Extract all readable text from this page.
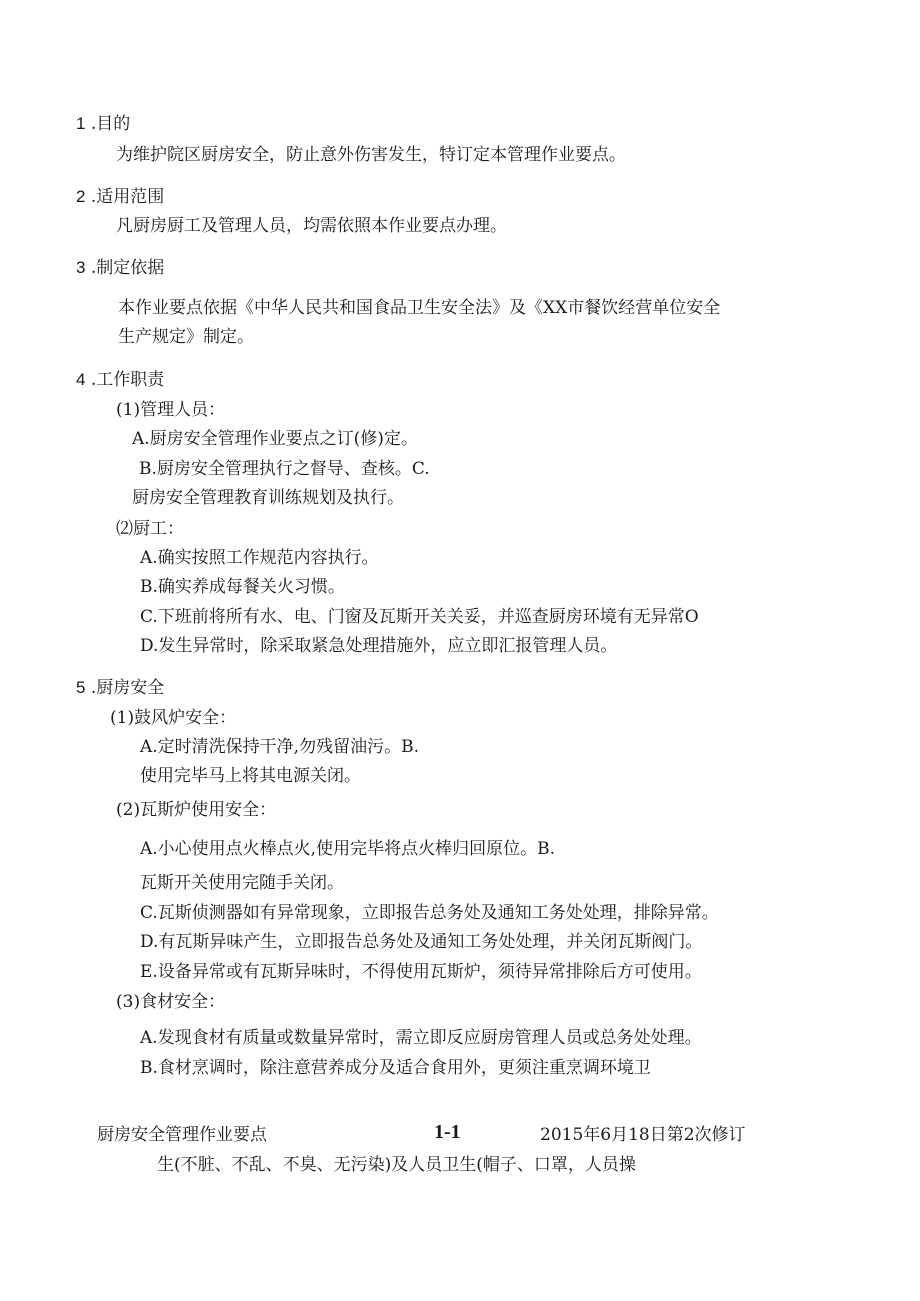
1 .目的
为维护院区厨房安全，防止意外伤害发生，特订定本管理作业要点。
2 .适用范围
凡厨房厨工及管理人员，均需依照本作业要点办理。
3 .制定依据
本作业要点依据《中华人民共和国食品卫生安全法》及《XX市餐饮经营单位安全
生产规定》制定。
4 .工作职责
(1)管理人员：
A.厨房安全管理作业要点之订(修)定。
B.厨房安全管理执行之督导、查核。C.
厨房安全管理教育训练规划及执行。
⑵厨工：
A.确实按照工作规范内容执行。
B.确实养成每餐关火习惯。
C.下班前将所有水、电、门窗及瓦斯开关关妥，并巡查厨房环境有无异常O
D.发生异常时，除采取紧急处理措施外，应立即汇报管理人员。
5 .厨房安全
(1)鼓风炉安全：
A.定时清洗保持干净,勿残留油污。B.
使用完毕马上将其电源关闭。
(2)瓦斯炉使用安全：
A.小心使用点火棒点火,使用完毕将点火棒归回原位。B.
瓦斯开关使用完随手关闭。
C.瓦斯侦测器如有异常现象，立即报告总务处及通知工务处处理，排除异常。
D.有瓦斯异味产生，立即报告总务处及通知工务处处理，并关闭瓦斯阀门。
E.设备异常或有瓦斯异味时，不得使用瓦斯炉，须待异常排除后方可使用。
(3)食材安全：
A.发现食材有质量或数量异常时，需立即反应厨房管理人员或总务处处理。
B.食材烹调时，除注意营养成分及适合食用外，更须注重烹调环境卫
厨房安全管理作业要点	1-1	2015年6月18日第2次修订
生(不脏、不乱、不臭、无污染)及人员卫生(帽子、口罩，人员操
